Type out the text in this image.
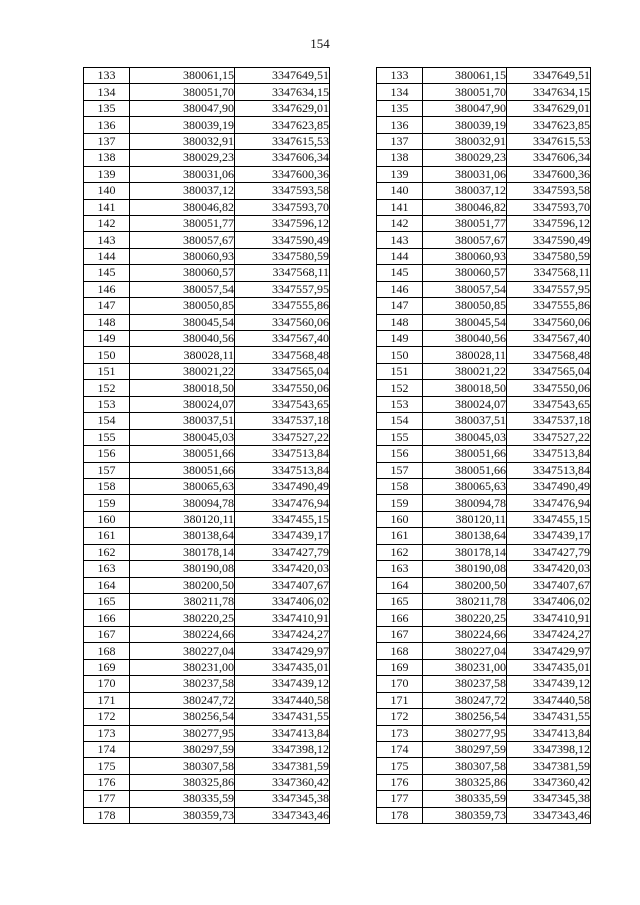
154
133	380061,15	3347649,51
134	380051,70	3347634,15
135	380047,90	3347629,01
136	380039,19	3347623,85
137	380032,91	3347615,53
138	380029,23	3347606,34
139	380031,06	3347600,36
140	380037,12	3347593,58
141	380046,82	3347593,70
142	380051,77	3347596,12
143	380057,67	3347590,49
144	380060,93	3347580,59
145	380060,57	3347568,11
146	380057,54	3347557,95
147	380050,85	3347555,86
148	380045,54	3347560,06
149	380040,56	3347567,40
150	380028,11	3347568,48
151	380021,22	3347565,04
152	380018,50	3347550,06
153	380024,07	3347543,65
154	380037,51	3347537,18
155	380045,03	3347527,22
156	380051,66	3347513,84
157	380051,66	3347513,84
158	380065,63	3347490,49
159	380094,78	3347476,94
160	380120,11	3347455,15
161	380138,64	3347439,17
162	380178,14	3347427,79
163	380190,08	3347420,03
164	380200,50	3347407,67
165	380211,78	3347406,02
166	380220,25	3347410,91
167	380224,66	3347424,27
168	380227,04	3347429,97
169	380231,00	3347435,01
170	380237,58	3347439,12
171	380247,72	3347440,58
172	380256,54	3347431,55
173	380277,95	3347413,84
174	380297,59	3347398,12
175	380307,58	3347381,59
176	380325,86	3347360,42
177	380335,59	3347345,38
178	380359,73	3347343,46
133	380061,15	3347649,51
134	380051,70	3347634,15
135	380047,90	3347629,01
136	380039,19	3347623,85
137	380032,91	3347615,53
138	380029,23	3347606,34
139	380031,06	3347600,36
140	380037,12	3347593,58
141	380046,82	3347593,70
142	380051,77	3347596,12
143	380057,67	3347590,49
144	380060,93	3347580,59
145	380060,57	3347568,11
146	380057,54	3347557,95
147	380050,85	3347555,86
148	380045,54	3347560,06
149	380040,56	3347567,40
150	380028,11	3347568,48
151	380021,22	3347565,04
152	380018,50	3347550,06
153	380024,07	3347543,65
154	380037,51	3347537,18
155	380045,03	3347527,22
156	380051,66	3347513,84
157	380051,66	3347513,84
158	380065,63	3347490,49
159	380094,78	3347476,94
160	380120,11	3347455,15
161	380138,64	3347439,17
162	380178,14	3347427,79
163	380190,08	3347420,03
164	380200,50	3347407,67
165	380211,78	3347406,02
166	380220,25	3347410,91
167	380224,66	3347424,27
168	380227,04	3347429,97
169	380231,00	3347435,01
170	380237,58	3347439,12
171	380247,72	3347440,58
172	380256,54	3347431,55
173	380277,95	3347413,84
174	380297,59	3347398,12
175	380307,58	3347381,59
176	380325,86	3347360,42
177	380335,59	3347345,38
178	380359,73	3347343,46
